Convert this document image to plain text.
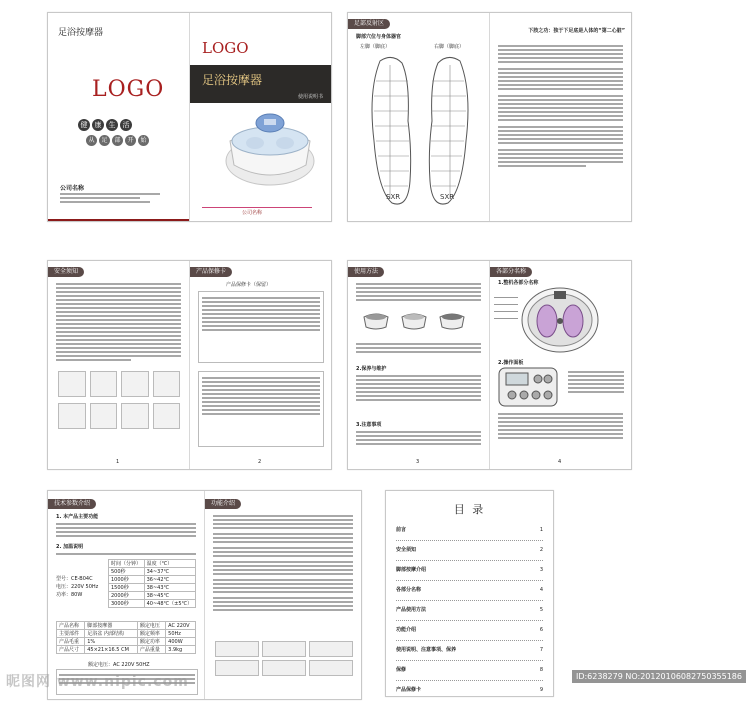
足浴按摩器
LOGO
健	康	生	活
从	足	部	开	始
公司名称
LOGO
足浴按摩器
使用说明书
公司名称
足部反射区
脚部穴位与身体器官
左脚（脚底）	右脚（脚底）
SXR	SXR
下肢之功：独于下足底是人体的“第二心脏”
安全须知
1
产品保修卡
产品保修卡（保留）
2
使用方法
2.保养与维护
3.注意事项
3
各部分名称
1.整机各部分名称
2.操作面板
4
技术参数介绍
1. 本产品主要功能
2. 加温说明
型号：CE-B04C
电压：220V 50Hz
功率：80W
时间（分钟）	温度（℃）
500秒	34~37℃
1000秒	36~42℃
1500秒	38~43℃
2000秒	38~45℃
3000秒	40~48℃（±5℃）
产品名称	脚部按摩器	额定电压	AC 220V
主要部件	足浴盆 内部结构	额定频率	50Hz
产品毛重	1%	额定功率	400W
产品尺寸	45×21×16.5 CM	产品重量	3.9kg
额定电压：AC 220V 50HZ
功能介绍	目 录
前言	1
安全须知	2
脚部按摩介绍	3
各部分名称	4
产品使用方法	5
功能介绍	6
使用说明、注意事项、保养	7
保修	8
产品保修卡	9
昵图网 www.nipic.com	ID:6238279 NO:20120106082750355186
